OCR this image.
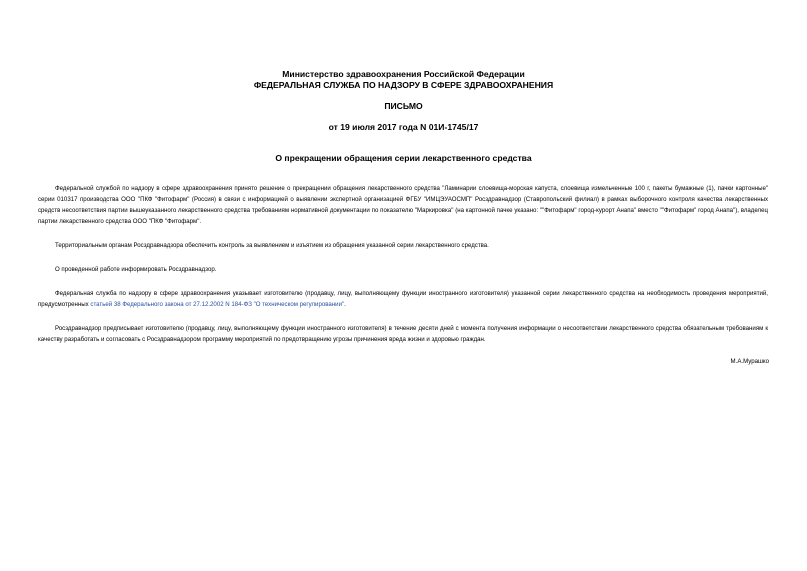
Министерство здравоохранения Российской Федерации
ФЕДЕРАЛЬНАЯ СЛУЖБА ПО НАДЗОРУ В СФЕРЕ ЗДРАВООХРАНЕНИЯ
ПИСЬМО
от 19 июля 2017 года N 01И-1745/17
О прекращении обращения серии лекарственного средства

Федеральной службой по надзору в сфере здравоохранения принято решение о прекращении обращения лекарственного средства "Ламинарии слоевища-морская капуста, слоевища измельченные 100 г, пакеты бумажные (1), пачки картонные" серии 010317 производства ООО "ПКФ "Фитофарм" (Россия) в связи с информацией о выявлении экспертной организацией ФГБУ "ИМЦЭУАОСМП" Росздравнадзор (Ставропольский филиал) в рамках выборочного контроля качества лекарственных средств несоответствия партии вышеуказанного лекарственного средства требованиям нормативной документации по показателю "Маркировка" (на картонной пачке указано: ""Фитофарм" город-курорт Анапа" вместо ""Фитофарм" город Анапа"), владелец партии лекарственного средства ООО "ПКФ "Фитофарм".

Территориальным органам Росздравнадзора обеспечить контроль за выявлением и изъятием из обращения указанной серии лекарственного средства.

О проведенной работе информировать Росздравнадзор.

Федеральная служба по надзору в сфере здравоохранения указывает изготовителю (продавцу, лицу, выполняющему функции иностранного изготовителя) указанной серии лекарственного средства на необходимость проведения мероприятий, предусмотренных статьей 38 Федерального закона от 27.12.2002 N 184-ФЗ "О техническом регулировании".

Росздравнадзор предписывает изготовителю (продавцу, лицу, выполняющему функции иностранного изготовителя) в течение десяти дней с момента получения информации о несоответствии лекарственного средства обязательным требованиям к качеству разработать и согласовать с Росздравнадзором программу мероприятий по предотвращению угрозы причинения вреда жизни и здоровью граждан.

М.А.Мурашко
